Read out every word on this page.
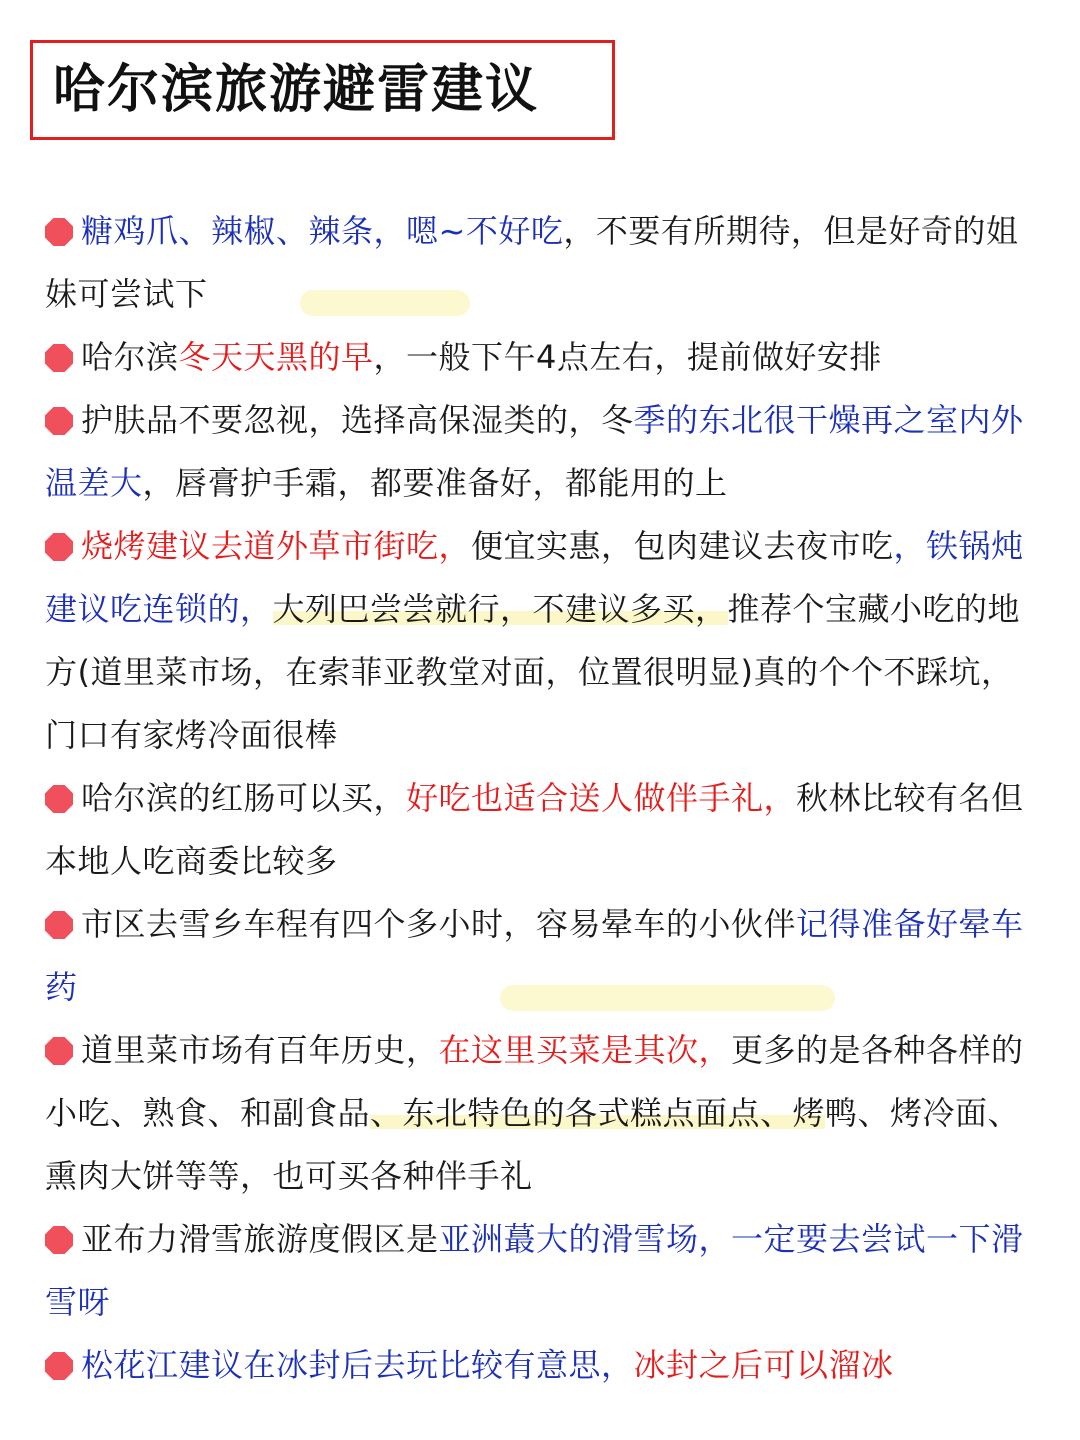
哈尔滨旅游避雷建议
糖鸡爪、辣椒、辣条，嗯~不好吃，不要有所期待，但是好奇的姐妹可尝试下
哈尔滨冬天天黑的早，一般下午4点左右，提前做好安排
护肤品不要忽视，选择高保湿类的，冬季的东北很干燥再之室内外温差大，唇膏护手霜，都要准备好，都能用的上
烧烤建议去道外草市街吃，便宜实惠，包肉建议去夜市吃，铁锅炖建议吃连锁的，大列巴尝尝就行，不建议多买，推荐个宝藏小吃的地方(道里菜市场，在索菲亚教堂对面，位置很明显)真的个个不踩坑，门口有家烤冷面很棒
哈尔滨的红肠可以买，好吃也适合送人做伴手礼，秋林比较有名但本地人吃商委比较多
市区去雪乡车程有四个多小时，容易晕车的小伙伴记得准备好晕车药
道里菜市场有百年历史，在这里买菜是其次，更多的是各种各样的小吃、熟食、和副食品、东北特色的各式糕点面点、烤鸭、烤冷面、熏肉大饼等等，也可买各种伴手礼
亚布力滑雪旅游度假区是亚洲蕞大的滑雪场，一定要去尝试一下滑雪呀
松花江建议在冰封后去玩比较有意思，冰封之后可以溜冰
